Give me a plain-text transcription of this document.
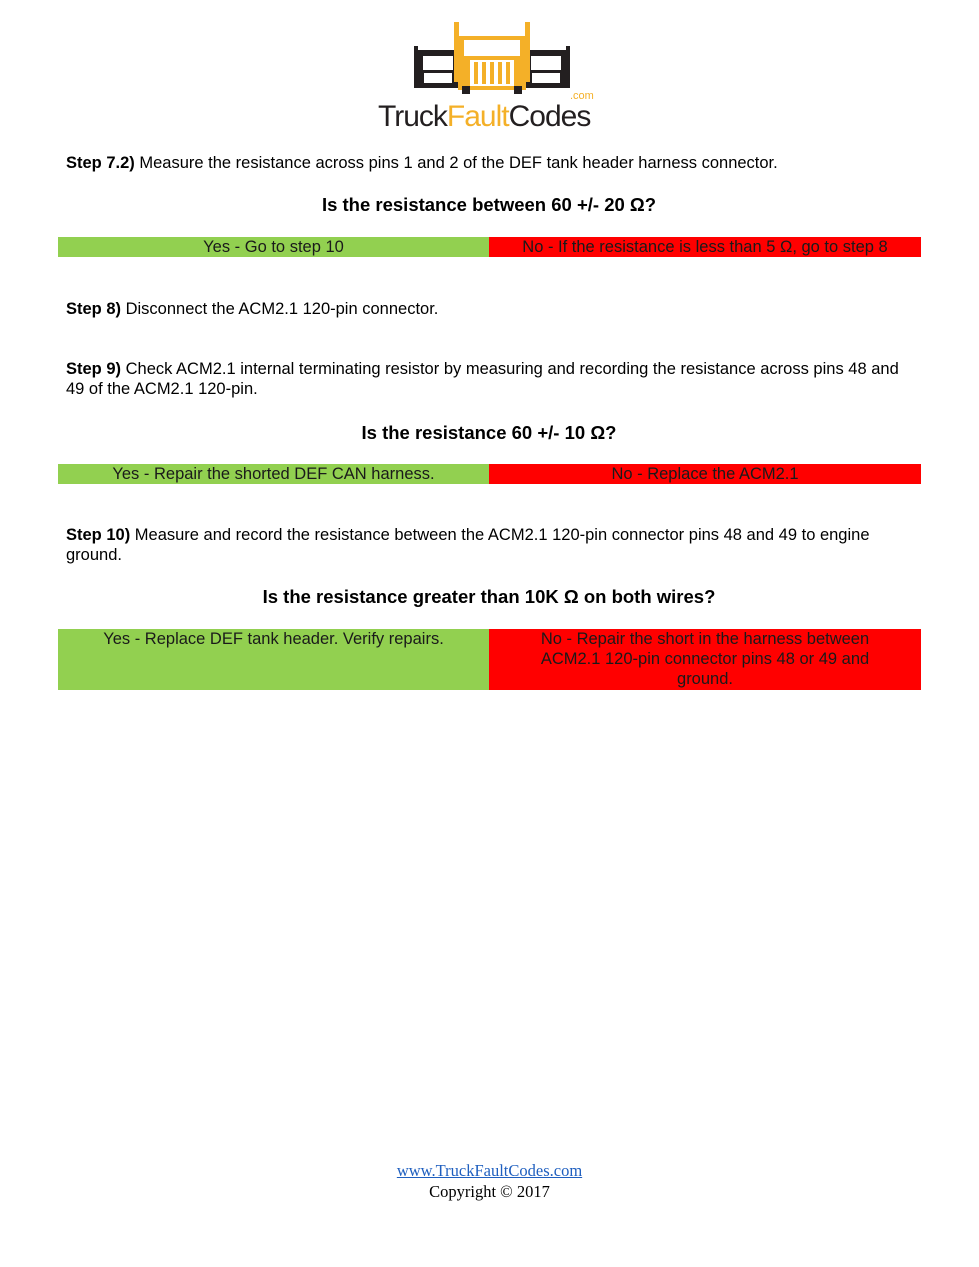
.com
TruckFaultCodes
Step 7.2) Measure the resistance across pins 1 and 2 of the DEF tank header harness connector.
Is the resistance between 60 +/- 20 Ω?
Yes - Go to step 10	No - If the resistance is less than 5 Ω, go to step 8
Step 8) Disconnect the ACM2.1 120-pin connector.
Step 9) Check ACM2.1 internal terminating resistor by measuring and recording the resistance across pins 48 and 49 of the ACM2.1 120-pin.
Is the resistance 60 +/- 10 Ω?
Yes - Repair the shorted DEF CAN harness.	No - Replace the ACM2.1
Step 10) Measure and record the resistance between the ACM2.1 120-pin connector pins 48 and 49 to engine ground.
Is the resistance greater than 10K Ω on both wires?
Yes - Replace DEF tank header. Verify repairs.	No - Repair the short in the harness between ACM2.1 120-pin connector pins 48 or 49 and ground.
www.TruckFaultCodes.com
Copyright © 2017
